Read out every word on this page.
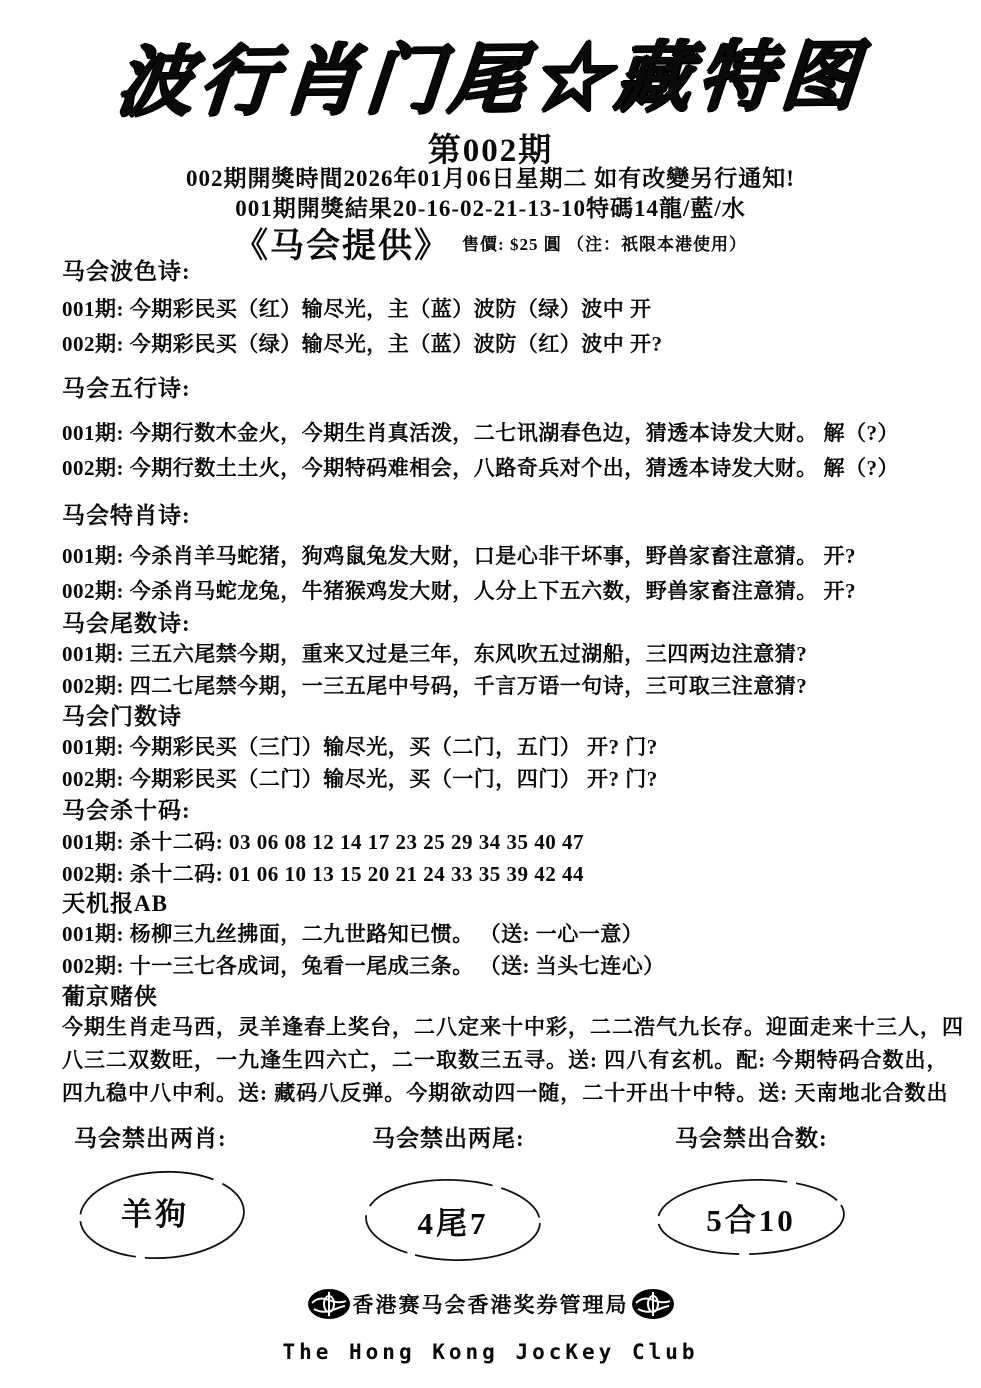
波行肖门尾☆藏特图
第002期
002期開獎時間2026年01月06日星期二 如有改變另行通知!
001期開獎結果20-16-02-21-13-10特碼14龍/藍/水
《马会提供》 售價: $25 圓 （注：祇限本港使用）
马会波色诗:
001期: 今期彩民买（红）输尽光，主（蓝）波防（绿）波中 开
002期: 今期彩民买（绿）输尽光，主（蓝）波防（红）波中 开?
马会五行诗:
001期: 今期行数木金火，今期生肖真活泼，二七讯湖春色边，猜透本诗发大财。 解（?）
002期: 今期行数土土火，今期特码难相会，八路奇兵对个出，猜透本诗发大财。 解（?）
马会特肖诗:
001期: 今杀肖羊马蛇猪，狗鸡鼠兔发大财，口是心非干坏事，野兽家畜注意猜。 开?
002期: 今杀肖马蛇龙兔，牛猪猴鸡发大财，人分上下五六数，野兽家畜注意猜。 开?
马会尾数诗:
001期: 三五六尾禁今期，重来又过是三年，东风吹五过湖船，三四两边注意猜?
002期: 四二七尾禁今期，一三五尾中号码，千言万语一句诗，三可取三注意猜?
马会门数诗
001期: 今期彩民买（三门）输尽光，买（二门，五门） 开? 门?
002期: 今期彩民买（二门）输尽光，买（一门，四门） 开? 门?
马会杀十码:
001期: 杀十二码: 03 06 08 12 14 17 23 25 29 34 35 40 47
002期: 杀十二码: 01 06 10 13 15 20 21 24 33 35 39 42 44
天机报AB
001期: 杨柳三九丝拂面，二九世路知已惯。 （送: 一心一意）
002期: 十一三七各成词，兔看一尾成三条。 （送: 当头七连心）
葡京赌侠
今期生肖走马西，灵羊逢春上奖台，二八定来十中彩，二二浩气九长存。迎面走来十三人，四
八三二双数旺，一九逢生四六亡，二一取数三五寻。送: 四八有玄机。配: 今期特码合数出，
四九稳中八中利。送: 藏码八反弹。今期欲动四一随，二十开出十中特。送: 天南地北合数出
马会禁出两肖:
羊狗
马会禁出两尾:
4尾7
马会禁出合数:
5合10
香港赛马会香港奖券管理局
The Hong Kong JocKey Club
